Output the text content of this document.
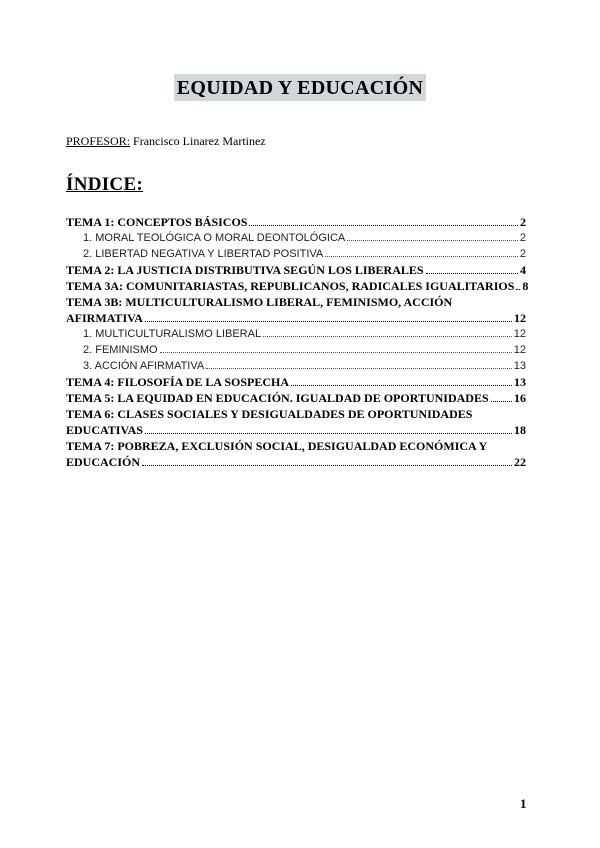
EQUIDAD Y EDUCACIÓN
PROFESOR: Francisco Linarez Martinez
ÍNDICE:
TEMA 1: CONCEPTOS BÁSICOS	2
1. MORAL TEOLÓGICA O MORAL DEONTOLÓGICA	2
2. LIBERTAD NEGATIVA Y LIBERTAD POSITIVA	2
TEMA 2: LA JUSTICIA DISTRIBUTIVA SEGÚN LOS LIBERALES	4
TEMA 3A: COMUNITARIASTAS, REPUBLICANOS, RADICALES IGUALITARIOS 8
TEMA 3B: MULTICULTURALISMO LIBERAL, FEMINISMO, ACCIÓN
AFIRMATIVA	12
1. MULTICULTURALISMO LIBERAL	12
2. FEMINISMO	12
3. ACCIÓN AFIRMATIVA	13
TEMA 4: FILOSOFÍA DE LA SOSPECHA	13
TEMA 5: LA EQUIDAD EN EDUCACIÓN. IGUALDAD DE OPORTUNIDADES 16
TEMA 6: CLASES SOCIALES Y DESIGUALDADES DE OPORTUNIDADES
EDUCATIVAS	18
TEMA 7: POBREZA, EXCLUSIÓN SOCIAL, DESIGUALDAD ECONÓMICA Y
EDUCACIÓN	22
1
